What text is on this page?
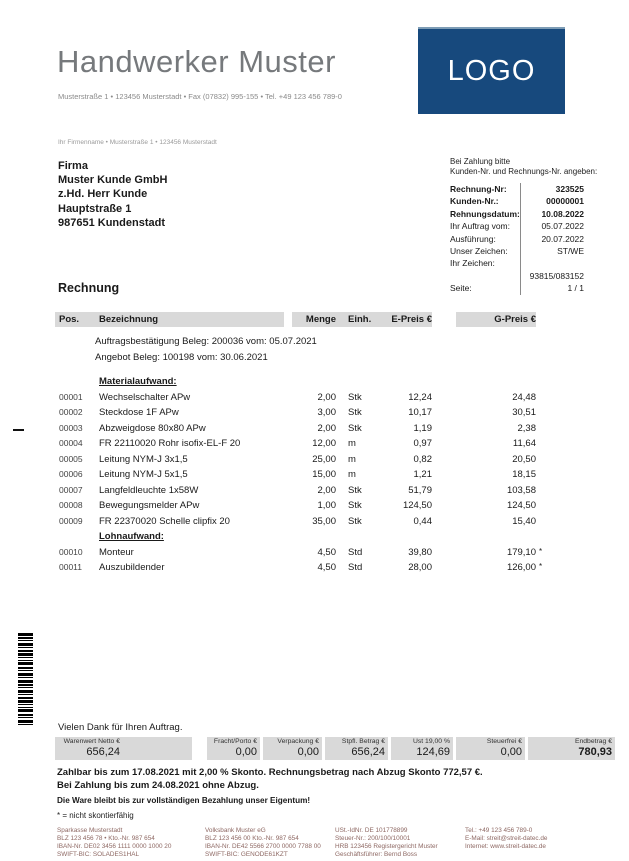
Handwerker Muster
Musterstraße 1 • 123456 Musterstadt • Fax (07832) 995-155 • Tel. +49 123 456 789-0
LOGO
Ihr Firmenname • Musterstraße 1 • 123456 Musterstadt
Firma
Muster Kunde GmbH
z.Hd. Herr Kunde
Hauptstraße 1
987651 Kundenstadt
Bei Zahlung bitte
Kunden-Nr. und Rechnungs-Nr. angeben:
Rechnung-Nr:	323525
Kunden-Nr.:	00000001
Rehnungsdatum:	10.08.2022
Ihr Auftrag vom:	05.07.2022
Ausführung:	20.07.2022
Unser Zeichen:	ST/WE
Ihr Zeichen:
93815/083152
Seite:	1 / 1
Rechnung
Pos.	Bezeichnung	Menge	Einh.	E-Preis €	G-Preis €
Auftragsbestätigung Beleg: 200036 vom: 05.07.2021
Angebot Beleg: 100198 vom: 30.06.2021
Materialaufwand:
00001	Wechselschalter APw	2,00	Stk	12,24	24,48
00002	Steckdose 1F APw	3,00	Stk	10,17	30,51
00003	Abzweigdose 80x80 APw	2,00	Stk	1,19	2,38
00004	FR 22110020 Rohr isofix-EL-F 20	12,00	m	0,97	11,64
00005	Leitung NYM-J 3x1,5	25,00	m	0,82	20,50
00006	Leitung NYM-J 5x1,5	15,00	m	1,21	18,15
00007	Langfeldleuchte 1x58W	2,00	Stk	51,79	103,58
00008	Bewegungsmelder APw	1,00	Stk	124,50	124,50
00009	FR 22370020 Schelle clipfix 20	35,00	Stk	0,44	15,40
Lohnaufwand:
00010	Monteur	4,50	Std	39,80	179,10 *
00011	Auszubildender	4,50	Std	28,00	126,00 *
Vielen Dank für Ihren Auftrag.
Warenwert Netto €
656,24
Fracht/Porto €
0,00
Verpackung €
0,00
Stpfl. Betrag €
656,24
Ust 19,00 %
124,69
Steuerfrei €
0,00
Endbetrag €
780,93
Zahlbar bis zum 17.08.2021 mit 2,00 % Skonto. Rechnungsbetrag nach Abzug Skonto 772,57 €.
Bei Zahlung bis zum 24.08.2021 ohne Abzug.
Die Ware bleibt bis zur vollständigen Bezahlung unser Eigentum!
* = nicht skontierfähig
Sparkasse Musterstadt
BLZ 123 456 78 • Kto.-Nr. 987 654
IBAN-Nr. DE02 3456 1111 0000 1000 20
SWIFT-BIC: SOLADES1HAL
Volksbank Muster eG
BLZ 123 456 00 Kto.-Nr. 987 654
IBAN-Nr. DE42 5566 2700 0000 7788 00
SWIFT-BIC: GENODE61KZT
USt.-IdNr. DE 101778899
Steuer-Nr.: 200/100/10001
HRB 123456 Registergericht Muster
Geschäftsführer: Bernd Boss
Tel.: +49 123 456 789-0
E-Mail: streit@streit-datec.de
Internet: www.streit-datec.de
